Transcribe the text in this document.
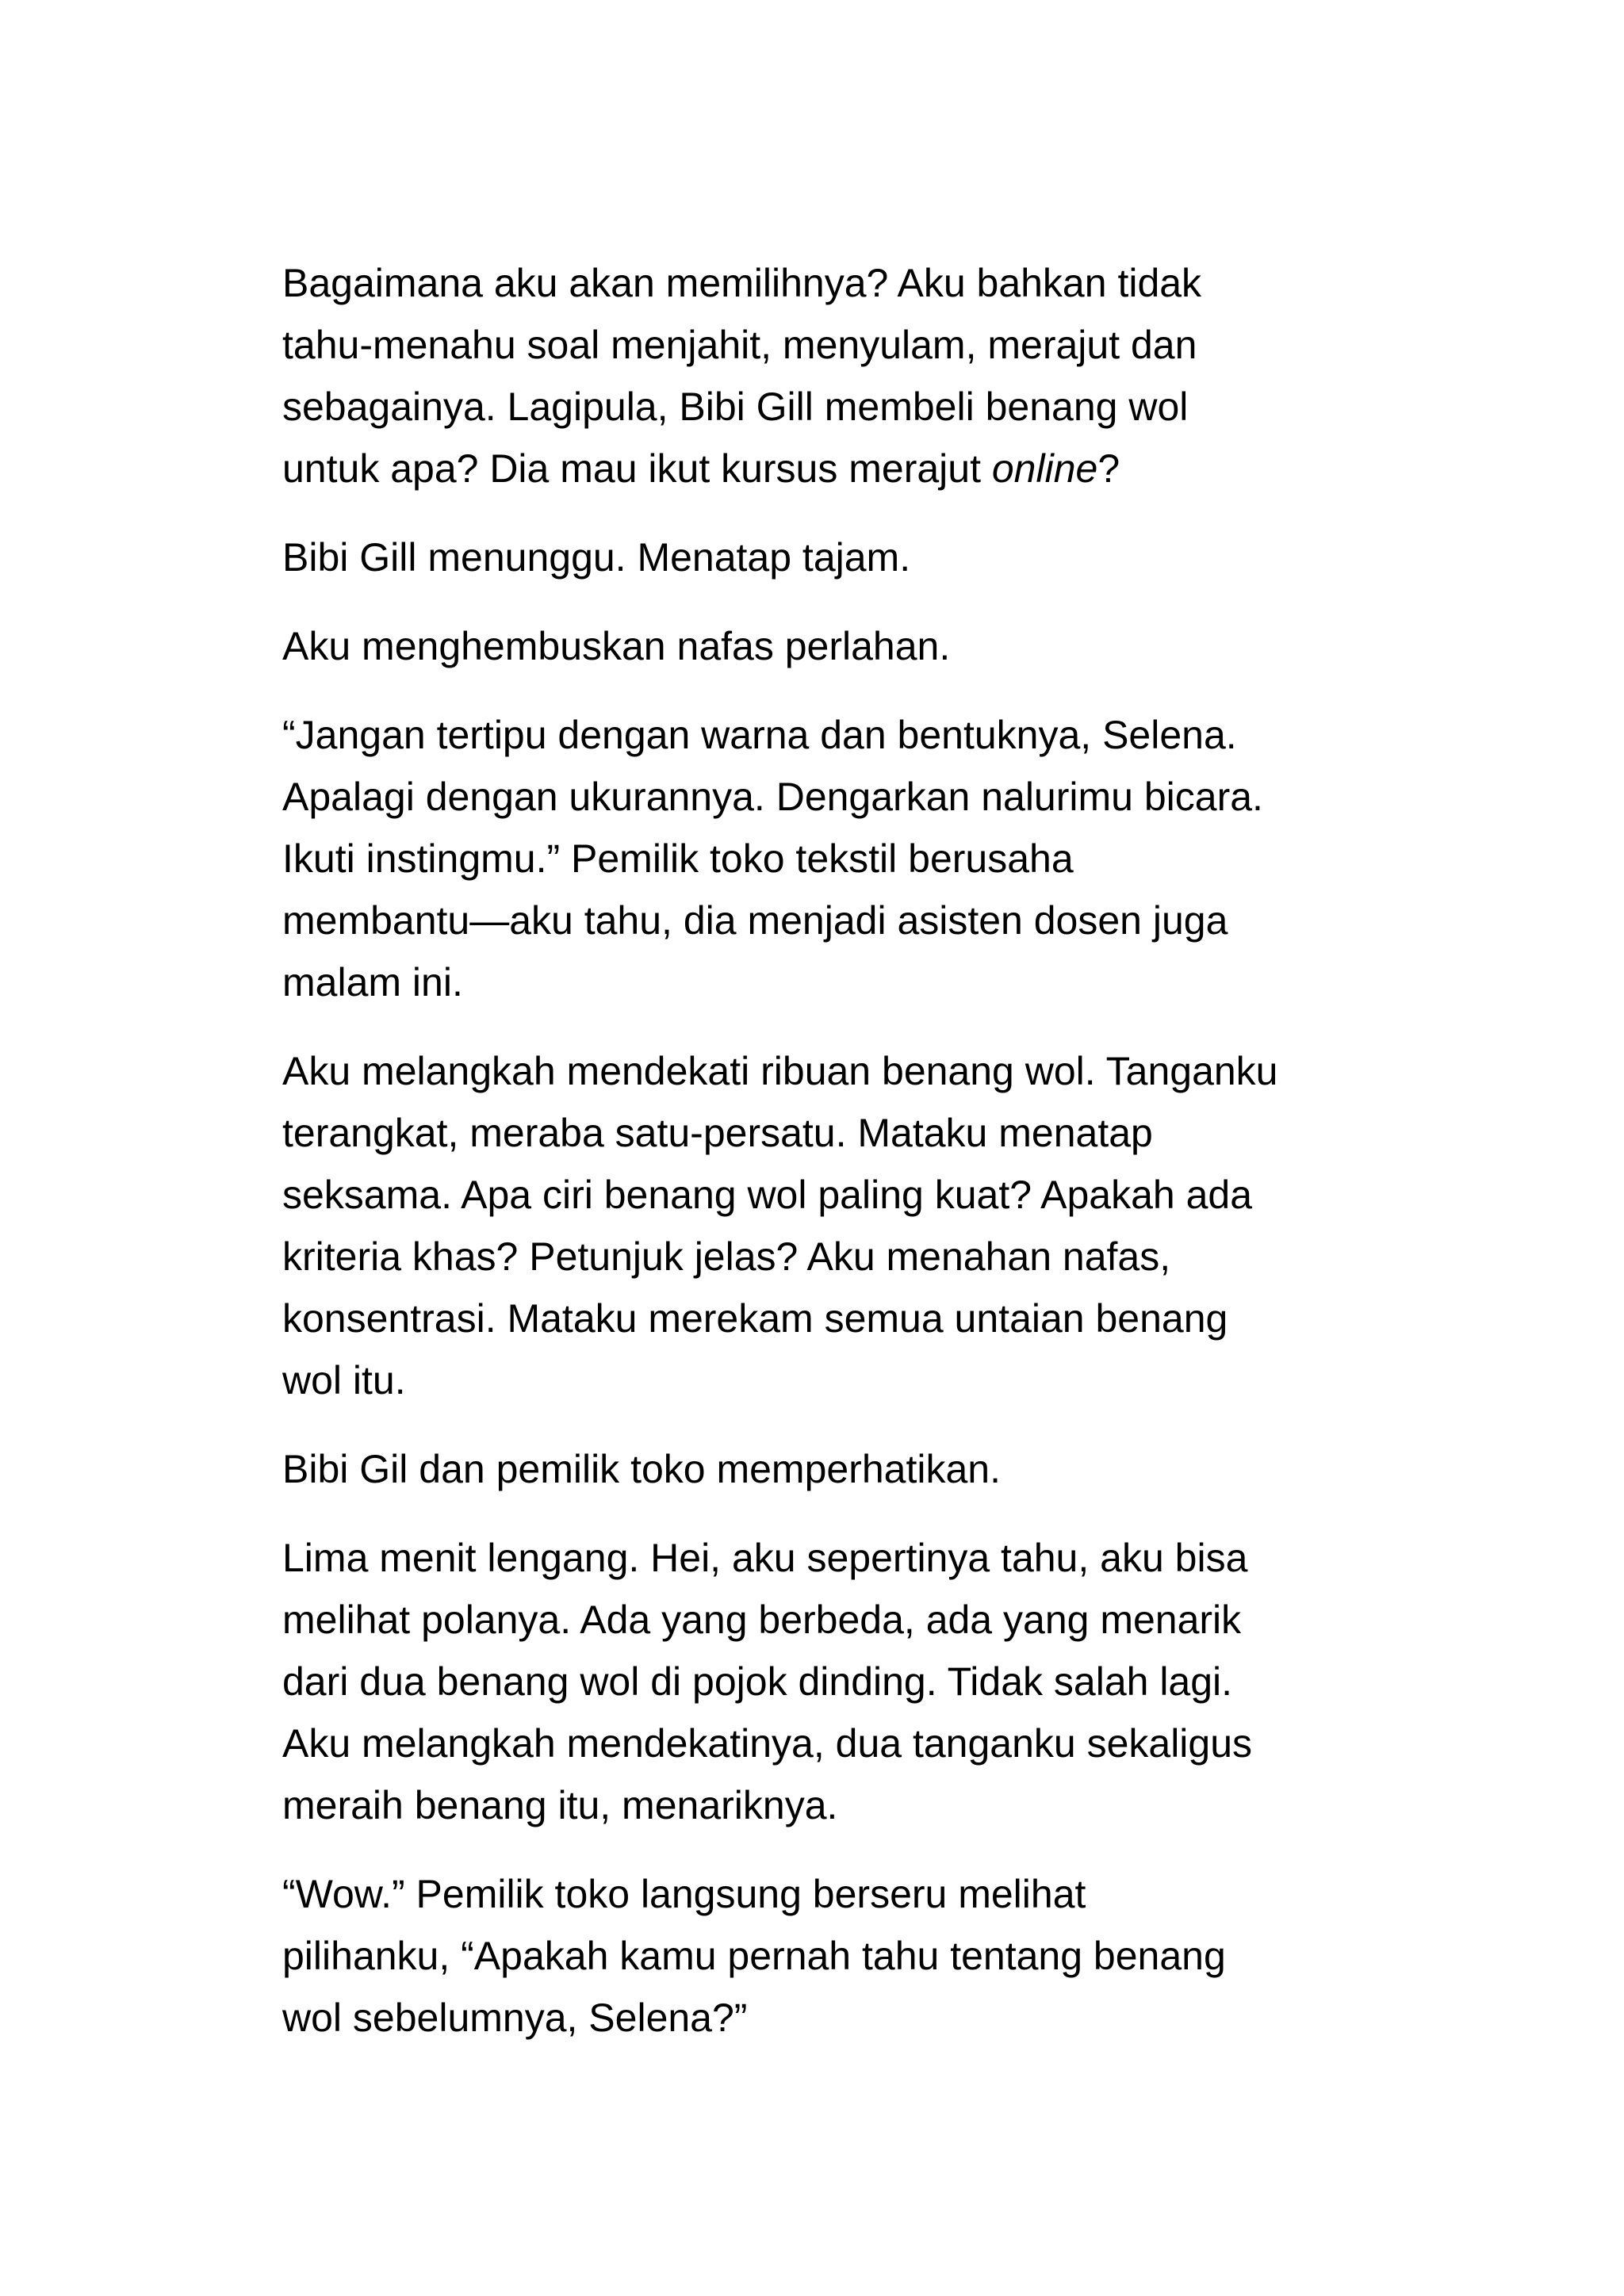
Bagaimana aku akan memilihnya? Aku bahkan tidak
tahu-menahu soal menjahit, menyulam, merajut dan
sebagainya. Lagipula, Bibi Gill membeli benang wol
untuk apa? Dia mau ikut kursus merajut online?

Bibi Gill menunggu. Menatap tajam.

Aku menghembuskan nafas perlahan.

“Jangan tertipu dengan warna dan bentuknya, Selena.
Apalagi dengan ukurannya. Dengarkan nalurimu bicara.
Ikuti instingmu.” Pemilik toko tekstil berusaha
membantu—aku tahu, dia menjadi asisten dosen juga
malam ini.

Aku melangkah mendekati ribuan benang wol. Tanganku
terangkat, meraba satu-persatu. Mataku menatap
seksama. Apa ciri benang wol paling kuat? Apakah ada
kriteria khas? Petunjuk jelas? Aku menahan nafas,
konsentrasi. Mataku merekam semua untaian benang
wol itu.

Bibi Gil dan pemilik toko memperhatikan.

Lima menit lengang. Hei, aku sepertinya tahu, aku bisa
melihat polanya. Ada yang berbeda, ada yang menarik
dari dua benang wol di pojok dinding. Tidak salah lagi.
Aku melangkah mendekatinya, dua tanganku sekaligus
meraih benang itu, menariknya.

“Wow.” Pemilik toko langsung berseru melihat
pilihanku, “Apakah kamu pernah tahu tentang benang
wol sebelumnya, Selena?”
